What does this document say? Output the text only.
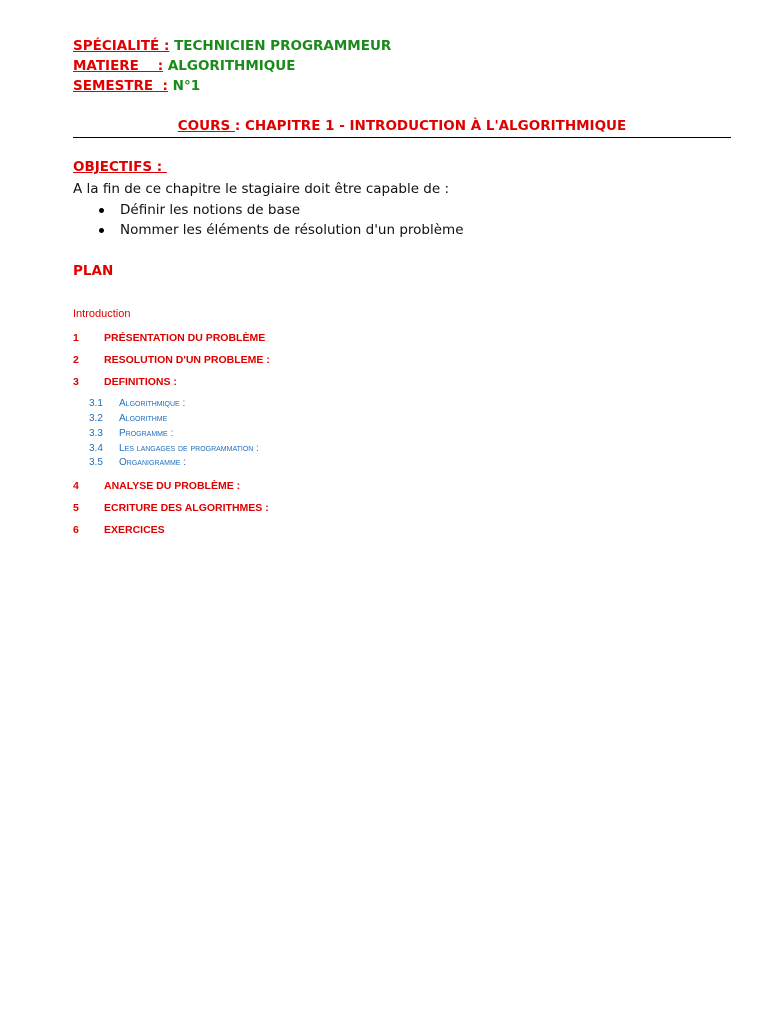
SPÉCIALITÉ : TECHNICIEN PROGRAMMEUR
MATIERE    : ALGORITHMIQUE
SEMESTRE  : N°1
COURS : CHAPITRE 1 - INTRODUCTION À L'ALGORITHMIQUE
OBJECTIFS :
A la fin de ce chapitre le stagiaire doit être capable de :
Définir les notions de base
Nommer les éléments de résolution d'un problème
PLAN
Introduction
1 PRÉSENTATION DU PROBLÈME
2 RESOLUTION D'UN PROBLEME :
3 DEFINITIONS :
3.1 Algorithmique :
3.2 Algorithme
3.3 Programme :
3.4 Les langages de programmation :
3.5 Organigramme :
4 ANALYSE DU PROBLÈME :
5 ECRITURE DES ALGORITHMES :
6 EXERCICES
